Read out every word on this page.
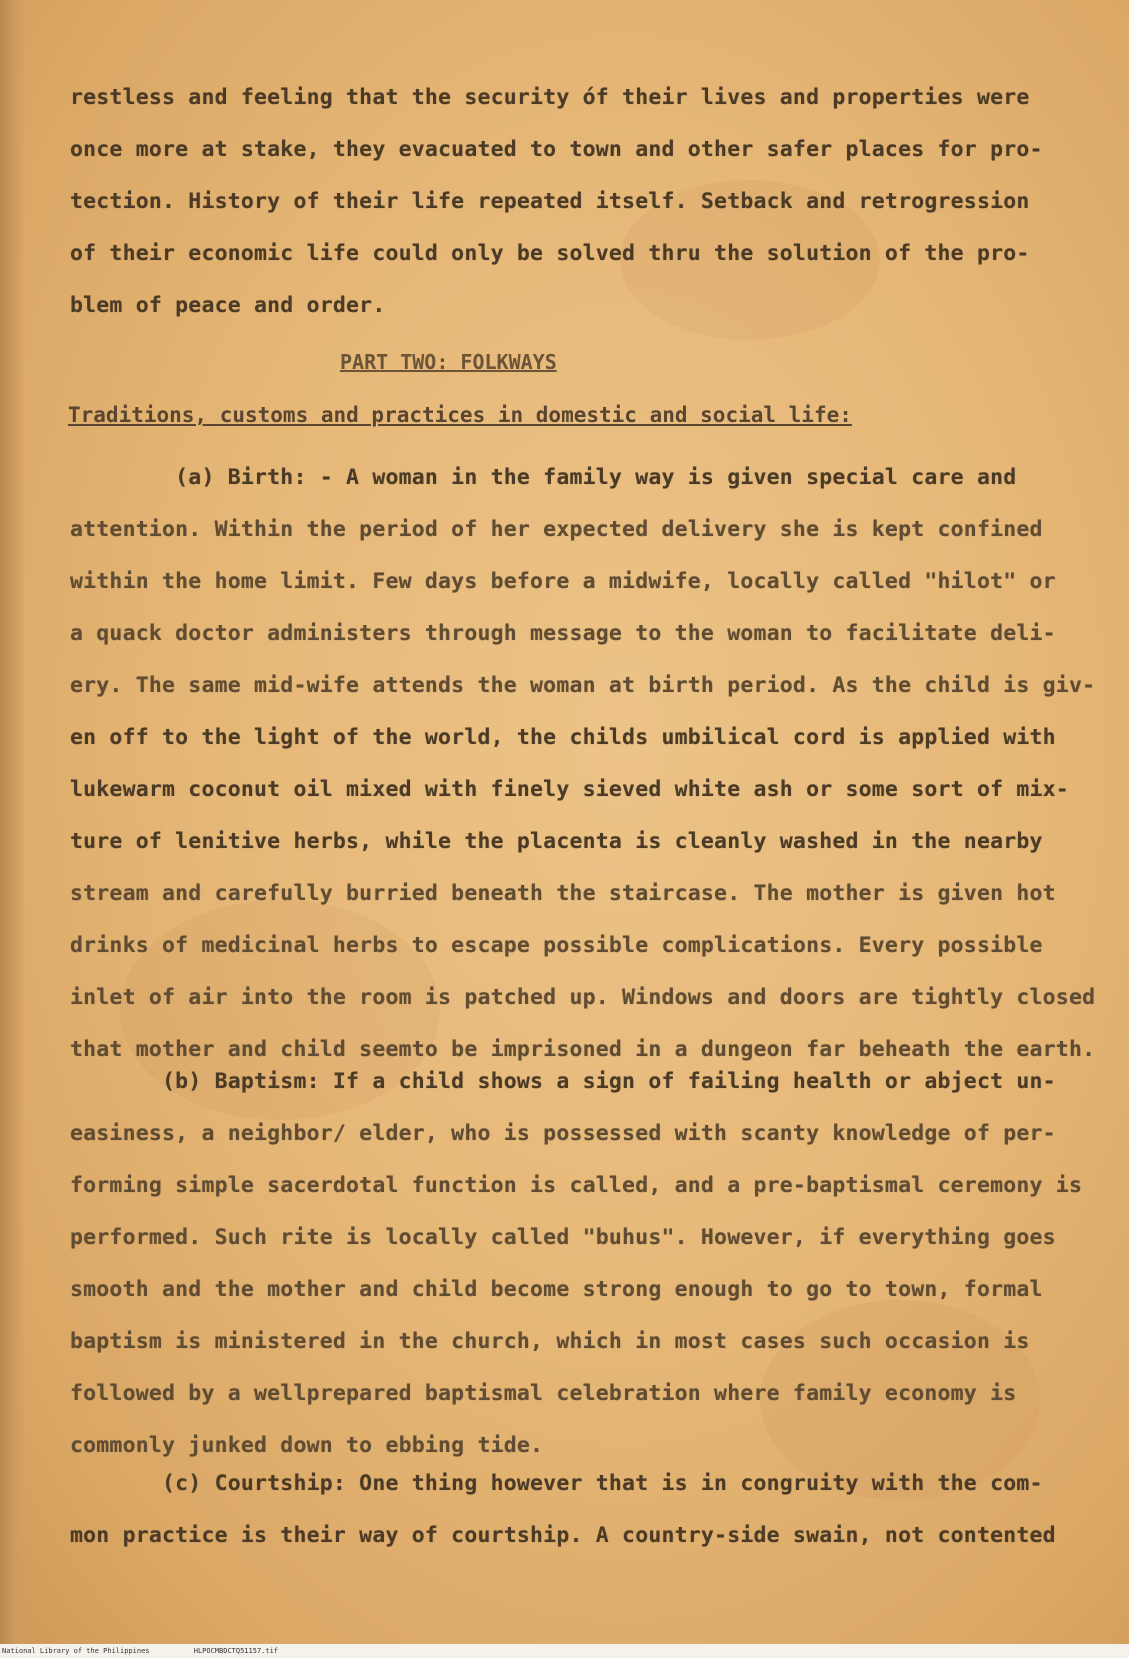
restless and feeling that the security óf their lives and properties were
once more at stake, they evacuated to town and other safer places for pro-
tection. History of their life repeated itself. Setback and retrogression
of their economic life could only be solved thru the solution of the pro-
blem of peace and order.
PART TWO: FOLKWAYS
Traditions, customs and practices in domestic and social life:
(a) Birth: - A woman in the family way is given special care and
attention. Within the period of her expected delivery she is kept confined
within the home limit. Few days before a midwife, locally called "hilot" or
a quack doctor administers through message to the woman to facilitate deli-
ery. The same mid-wife attends the woman at birth period. As the child is giv-
en off to the light of the world, the childs umbilical cord is applied with
lukewarm coconut oil mixed with finely sieved white ash or some sort of mix-
ture of lenitive herbs, while the placenta is cleanly washed in the nearby
stream and carefully burried beneath the staircase. The mother is given hot
drinks of medicinal herbs to escape possible complications. Every possible
inlet of air into the room is patched up. Windows and doors are tightly closed
that mother and child seemto be imprisoned in a dungeon far beheath the earth.
(b) Baptism: If a child shows a sign of failing health or abject un-
easiness, a neighbor/ elder, who is possessed with scanty knowledge of per-
forming simple sacerdotal function is called, and a pre-baptismal ceremony is
performed. Such rite is locally called "buhus". However, if everything goes
smooth and the mother and child become strong enough to go to town, formal
baptism is ministered in the church, which in most cases such occasion is
followed by a wellprepared baptismal celebration where family economy is
commonly junked down to ebbing tide.
(c) Courtship: One thing however that is in congruity with the com-
mon practice is their way of courtship. A country-side swain, not contented
National Library of the Philippines	HLPOCMBDCTQ51157.tif
